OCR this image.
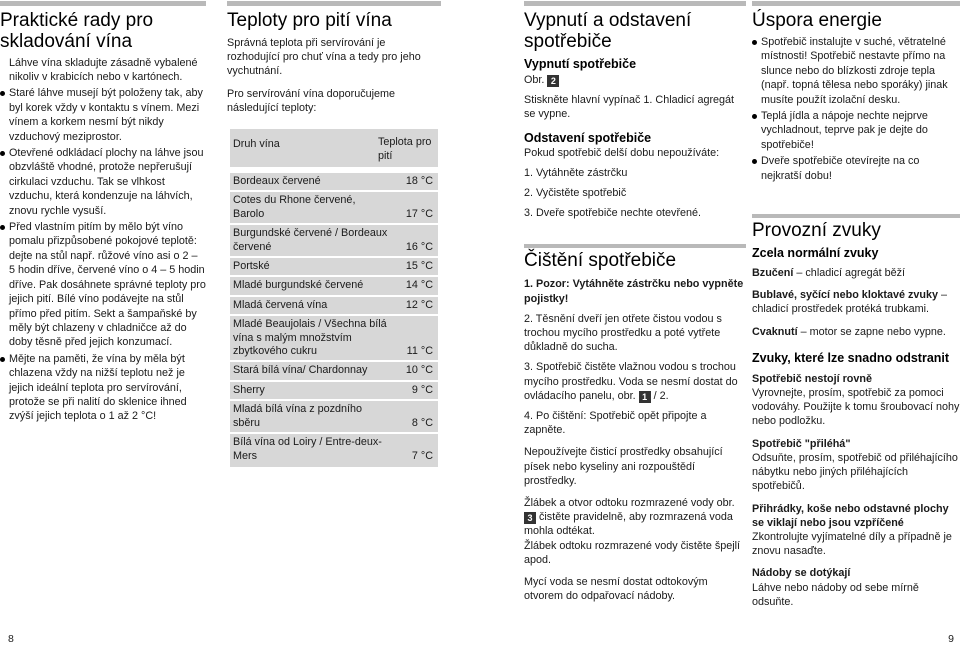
Praktické rady pro skladování vína

Láhve vína skladujte zásadně vybalené nikoliv v krabicích nebo v kartónech.

Staré láhve musejí být položeny tak, aby byl korek vždy v kontaktu s vínem. Mezi vínem a korkem nesmí být nikdy vzduchový meziprostor.
Otevřené odkládací plochy na láhve jsou obzvláště vhodné, protože nepřerušují cirkulaci vzduchu. Tak se vlhkost vzduchu, která kondenzuje na láhvích, znovu rychle vysuší.
Před vlastním pitím by mělo být víno pomalu přizpůsobené pokojové teplotě: dejte na stůl např. růžové víno asi o 2 – 5 hodin dříve, červené víno o 4 – 5 hodin dříve. Pak dosáhnete správné teploty pro jejich pití. Bílé víno podávejte na stůl přímo před pitím. Sekt a šampaňské by měly být chlazeny v chladničce až do doby těsně před jejich konzumací.
Mějte na paměti, že vína by měla být chlazena vždy na nižší teplotu než je jejich ideální teplota pro servírování, protože se při nalití do sklenice ihned zvýší jejich teplota o 1 až 2 °C!
8
Teploty pro pití vína

Správná teplota při servírování je rozhodující pro chuť vína a tedy pro jeho vychutnání.

Pro servírování vína doporučujeme následující teploty:

Druh vína	Teplota pro pití
Bordeaux červené	18 °C
Cotes du Rhone červené, Barolo	17 °C
Burgundské červené / Bordeaux červené	16 °C
Portské	15 °C
Mladé burgundské červené	14 °C
Mladá červená vína	12 °C
Mladé Beaujolais / Všechna bílá vína s malým množstvím zbytkového cukru	11 °C
Stará bílá vína/ Chardonnay	10 °C
Sherry	9 °C
Mladá bílá vína z pozdního sběru	8 °C
Bílá vína od Loiry / Entre-deux-Mers	7 °C
Vypnutí a odstavení spotřebiče
Vypnutí spotřebiče

Obr. 2

Stiskněte hlavní vypínač 1. Chladicí agregát se vypne.

Odstavení spotřebiče

Pokud spotřebič delší dobu nepoužíváte:

1. Vytáhněte zástrčku

2. Vyčistěte spotřebič

3. Dveře spotřebiče nechte otevřené.

Čištění spotřebiče

1. Pozor: Vytáhněte zástrčku nebo vypněte pojistky!

2. Těsnění dveří jen otřete čistou vodou s trochou mycího prostředku a poté vytřete důkladně do sucha.

3. Spotřebič čistěte vlažnou vodou s trochou mycího prostředku. Voda se nesmí dostat do ovládacího panelu, obr. 1 / 2.

4. Po čištění: Spotřebič opět připojte a zapněte.

Nepoužívejte čisticí prostředky obsahující písek nebo kyseliny ani rozpouštědí prostředky.

Žlábek a otvor odtoku rozmrazené vody obr. 3 čistěte pravidelně, aby rozmrazená voda mohla odtékat.

Žlábek odtoku rozmrazené vody čistěte špejlí apod.

Mycí voda se nesmí dostat odtokovým otvorem do odpařovací nádoby.

Úspora energie
Spotřebič instalujte v suché, větratelné místnosti! Spotřebič nestavte přímo na slunce nebo do blízkosti zdroje tepla (např. topná tělesa nebo sporáky) jinak musíte použít izolační desku.
Teplá jídla a nápoje nechte nejprve vychladnout, teprve pak je dejte do spotřebiče!
Dveře spotřebiče otevírejte na co nejkratší dobu!
Provozní zvuky
Zcela normální zvuky

Bzučení – chladicí agregát běží

Bublavé, syčící nebo kloktavé zvuky – chladicí prostředek protéká trubkami.

Cvaknutí – motor se zapne nebo vypne.

Zvuky, které lze snadno odstranit

Spotřebič nestojí rovně

Vyrovnejte, prosím, spotřebič za pomoci vodováhy. Použijte k tomu šroubovací nohy nebo podložku.

Spotřebič "přiléhá"

Odsuňte, prosím, spotřebič od přiléhajícího nábytku nebo jiných přiléhajících spotřebičů.

Přihrádky, koše nebo odstavné plochy se viklají nebo jsou vzpříčené

Zkontrolujte vyjímatelné díly a případně je znovu nasaďte.

Nádoby se dotýkají

Láhve nebo nádoby od sebe mírně odsuňte.

9
